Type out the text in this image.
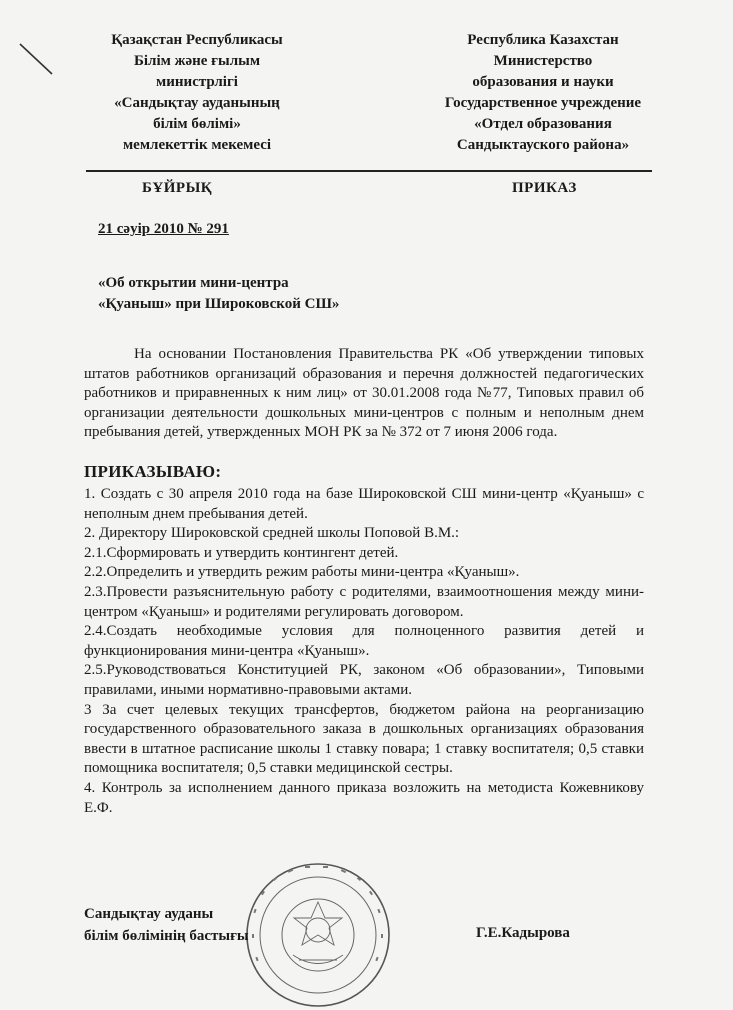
Қазақстан Республикасы
Білім және ғылым
министрлігі
«Сандықтау ауданының
білім бөлімі»
мемлекеттік мекемесі
Республика Казахстан
Министерство
образования и науки
Государственное учреждение
«Отдел образования
Сандыктауского района»
БҰЙРЫҚ	ПРИКАЗ
21 сәуір 2010 № 291
«Об открытии мини-центра
«Қуаныш» при Широковской СШ»
На основании Постановления Правительства РК «Об утверждении типовых штатов работников организаций образования и перечня должностей педагогических работников и приравненных к ним лиц» от 30.01.2008 года №77, Типовых правил об организации деятельности дошкольных мини-центров с полным и неполным днем пребывания детей, утвержденных МОН РК за № 372 от 7 июня 2006 года.
ПРИКАЗЫВАЮ:

1. Создать с 30 апреля 2010 года на базе Широковской СШ мини-центр «Қуаныш» с неполным днем пребывания детей.

2. Директору Широковской средней школы Поповой В.М.:

2.1.Сформировать и утвердить контингент детей.

2.2.Определить и утвердить режим работы мини-центра «Қуаныш».

2.3.Провести разъяснительную работу с родителями, взаимоотношения между мини-центром «Қуаныш» и родителями регулировать договором.

2.4.Создать необходимые условия для полноценного развития детей и функционирования мини-центра «Қуаныш».

2.5.Руководствоваться Конституцией РК, законом «Об образовании», Типовыми правилами, иными нормативно-правовыми актами.

3 За счет целевых текущих трансфертов, бюджетом района на реорганизацию государственного образовательного заказа в дошкольных организациях образования ввести в штатное расписание школы 1 ставку повара; 1 ставку воспитателя; 0,5 ставки помощника воспитателя; 0,5 ставки медицинской сестры.

4. Контроль за исполнением данного приказа возложить на методиста Кожевникову Е.Ф.

Сандықтау ауданы
білім бөлімінің бастығы	Г.Е.Кадырова
